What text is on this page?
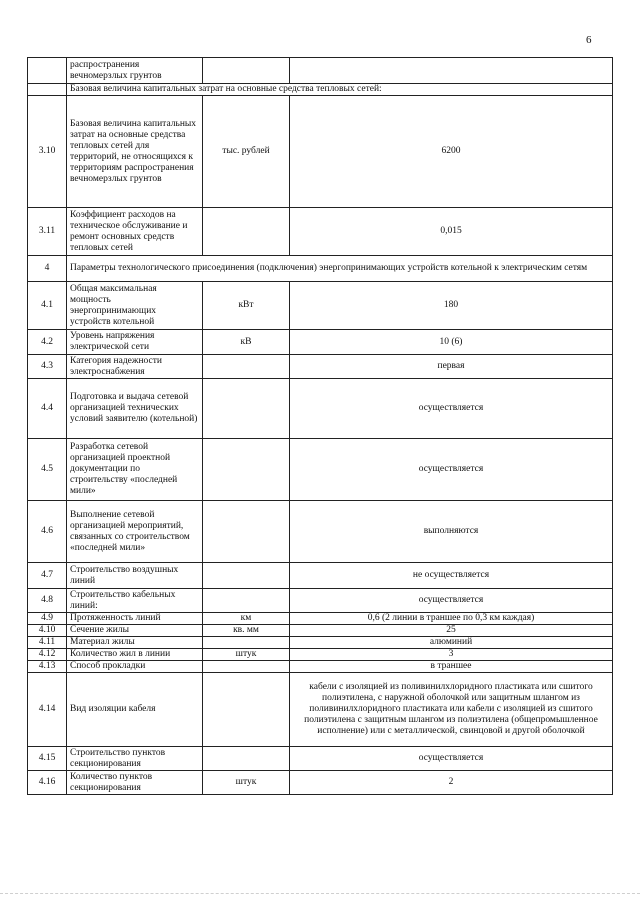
6
	распространения вечномерзлых грунтов		
	Базовая величина капитальных затрат на основные средства тепловых сетей:		
3.10	Базовая величина капитальных затрат на основные средства тепловых сетей для территорий, не относящихся к территориям распространения вечномерзлых грунтов	тыс. рублей	6200
3.11	Коэффициент расходов на техническое обслуживание и ремонт основных средств тепловых сетей		0,015
4	Параметры технологического присоединения (подключения) энергопринимающих устройств котельной к электрическим сетям		
4.1	Общая максимальная мощность энергопринимающих устройств котельной	кВт	180
4.2	Уровень напряжения электрической сети	кВ	10 (6)
4.3	Категория надежности электроснабжения		первая
4.4	Подготовка и выдача сетевой организацией технических условий заявителю (котельной)		осуществляется
4.5	Разработка сетевой организацией проектной документации по строительству «последней мили»		осуществляется
4.6	Выполнение сетевой организацией мероприятий, связанных со строительством «последней мили»		выполняются
4.7	Строительство воздушных линий		не осуществляется
4.8	Строительство кабельных линий:		осуществляется
4.9	Протяженность линий	км	0,6 (2 линии в траншее по 0,3 км каждая)
4.10	Сечение жилы	кв. мм	25
4.11	Материал жилы		алюминий
4.12	Количество жил в линии	штук	3
4.13	Способ прокладки		в траншее
4.14	Вид изоляции кабеля		кабели с изоляцией из поливинилхлоридного пластиката или сшитого полиэтилена, с наружной оболочкой или защитным шлангом из поливинилхлоридного пластиката или кабели с изоляцией из сшитого полиэтилена с защитным шлангом из полиэтилена (общепромышленное исполнение) или с металлической, свинцовой и другой оболочкой
4.15	Строительство пунктов секционирования		осуществляется
4.16	Количество пунктов секционирования	штук	2
